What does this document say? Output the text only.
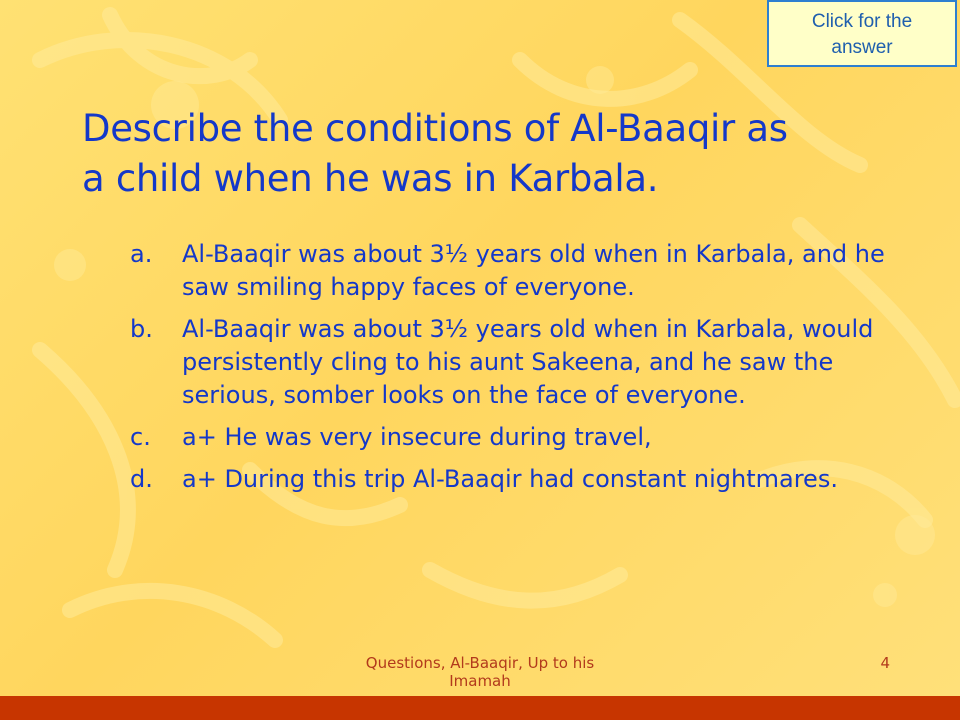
Click for the
answer
Describe the conditions of Al-Baaqir as
a child when he was in Karbala.
a.	Al-Baaqir was about 3½ years old when in Karbala, and he saw smiling happy faces of everyone.
b.	Al-Baaqir was about 3½ years old when in Karbala, would persistently cling to his aunt Sakeena, and he saw the serious, somber looks on the face of everyone.
c.	a+ He was very insecure during travel,
d.	a+ During this trip Al-Baaqir had constant nightmares.
Questions, Al-Baaqir, Up to his Imamah
4
